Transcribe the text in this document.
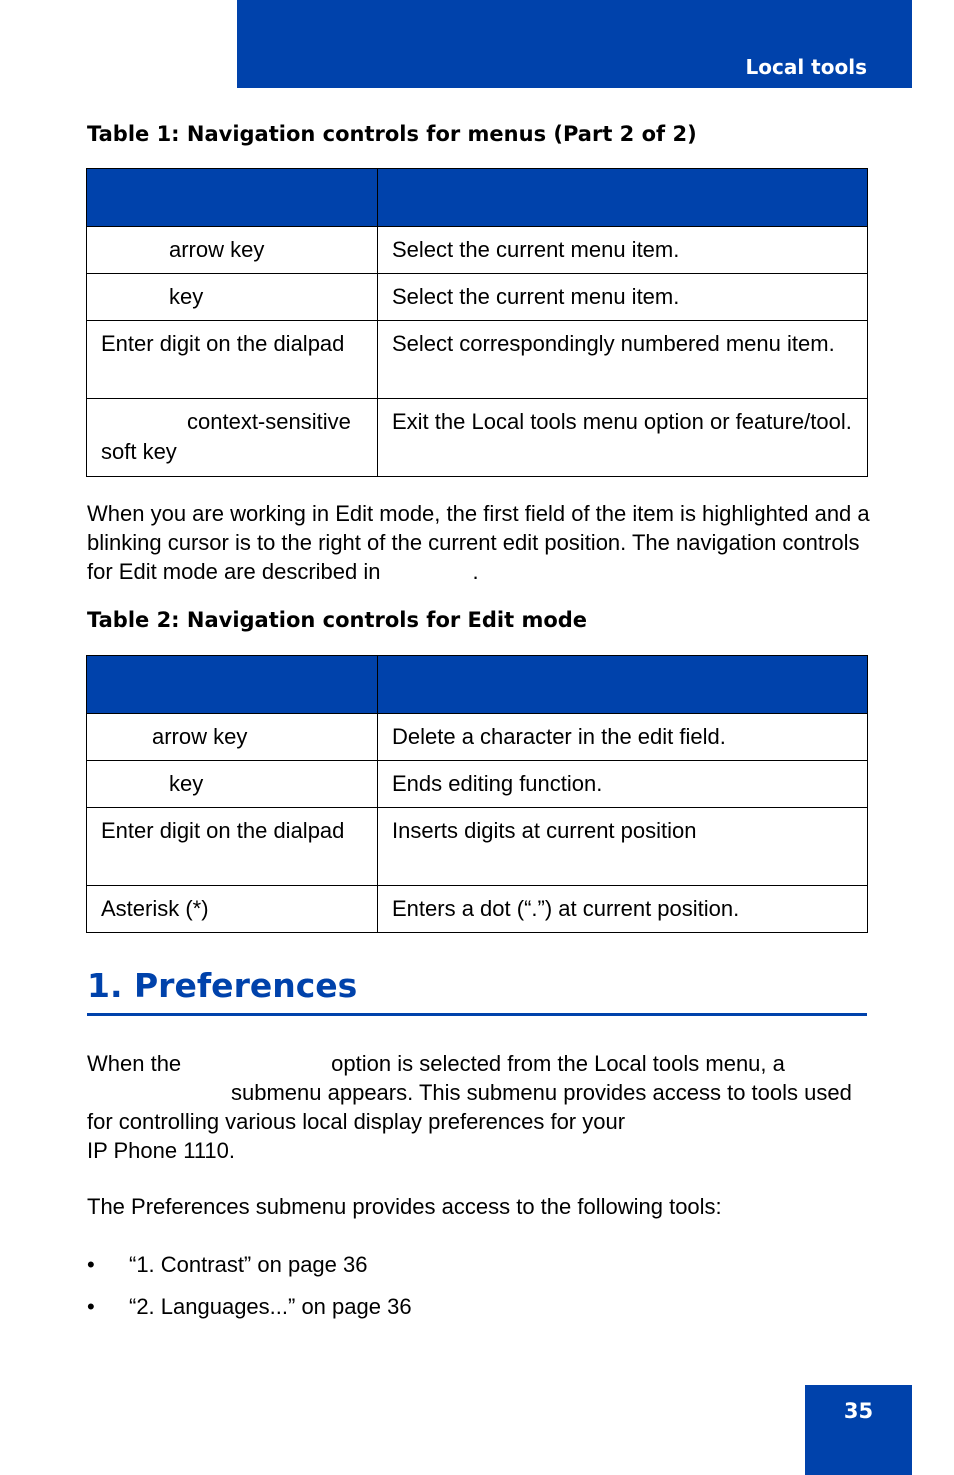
Local tools
Table 1: Navigation controls for menus (Part 2 of 2)

arrow key	Select the current menu item.
key	Select the current menu item.
Enter digit on the dialpad	Select correspondingly numbered menu item.
context-sensitive soft key	Exit the Local tools menu option or feature/tool.

When you are working in Edit mode, the first field of the item is highlighted and a blinking cursor is to the right of the current edit position. The navigation controls for Edit mode are described in	.

Table 2: Navigation controls for Edit mode

arrow key	Delete a character in the edit field.
key	Ends editing function.
Enter digit on the dialpad	Inserts digits at current position
Asterisk (*)	Enters a dot (“.”) at current position.
1. Preferences

When the	option is selected from the Local tools menu, a
submenu appears. This submenu provides access to tools used for controlling various local display preferences for your
IP Phone 1110.

The Preferences submenu provides access to the following tools:

• “1. Contrast” on page 36
• “2. Languages...” on page 36
35
